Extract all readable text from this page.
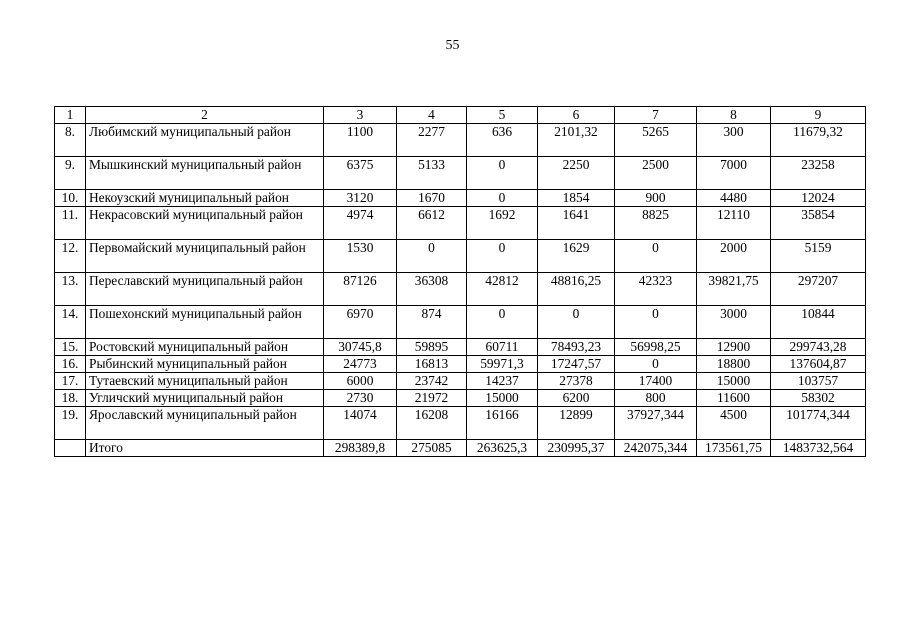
55
1	2	3	4	5	6	7	8	9
8.	Любимский муниципальный район	1100	2277	636	2101,32	5265	300	11679,32
9.	Мышкинский муниципальный район	6375	5133	0	2250	2500	7000	23258
10.	Некоузский муниципальный район	3120	1670	0	1854	900	4480	12024
11.	Некрасовский муниципальный район	4974	6612	1692	1641	8825	12110	35854
12.	Первомайский муниципальный район	1530	0	0	1629	0	2000	5159
13.	Переславский муниципальный район	87126	36308	42812	48816,25	42323	39821,75	297207
14.	Пошехонский муниципальный район	6970	874	0	0	0	3000	10844
15.	Ростовский муниципальный район	30745,8	59895	60711	78493,23	56998,25	12900	299743,28
16.	Рыбинский муниципальный район	24773	16813	59971,3	17247,57	0	18800	137604,87
17.	Тутаевский муниципальный район	6000	23742	14237	27378	17400	15000	103757
18.	Угличский муниципальный район	2730	21972	15000	6200	800	11600	58302
19.	Ярославский муниципальный район	14074	16208	16166	12899	37927,344	4500	101774,344
	Итого	298389,8	275085	263625,3	230995,37	242075,344	173561,75	1483732,564
